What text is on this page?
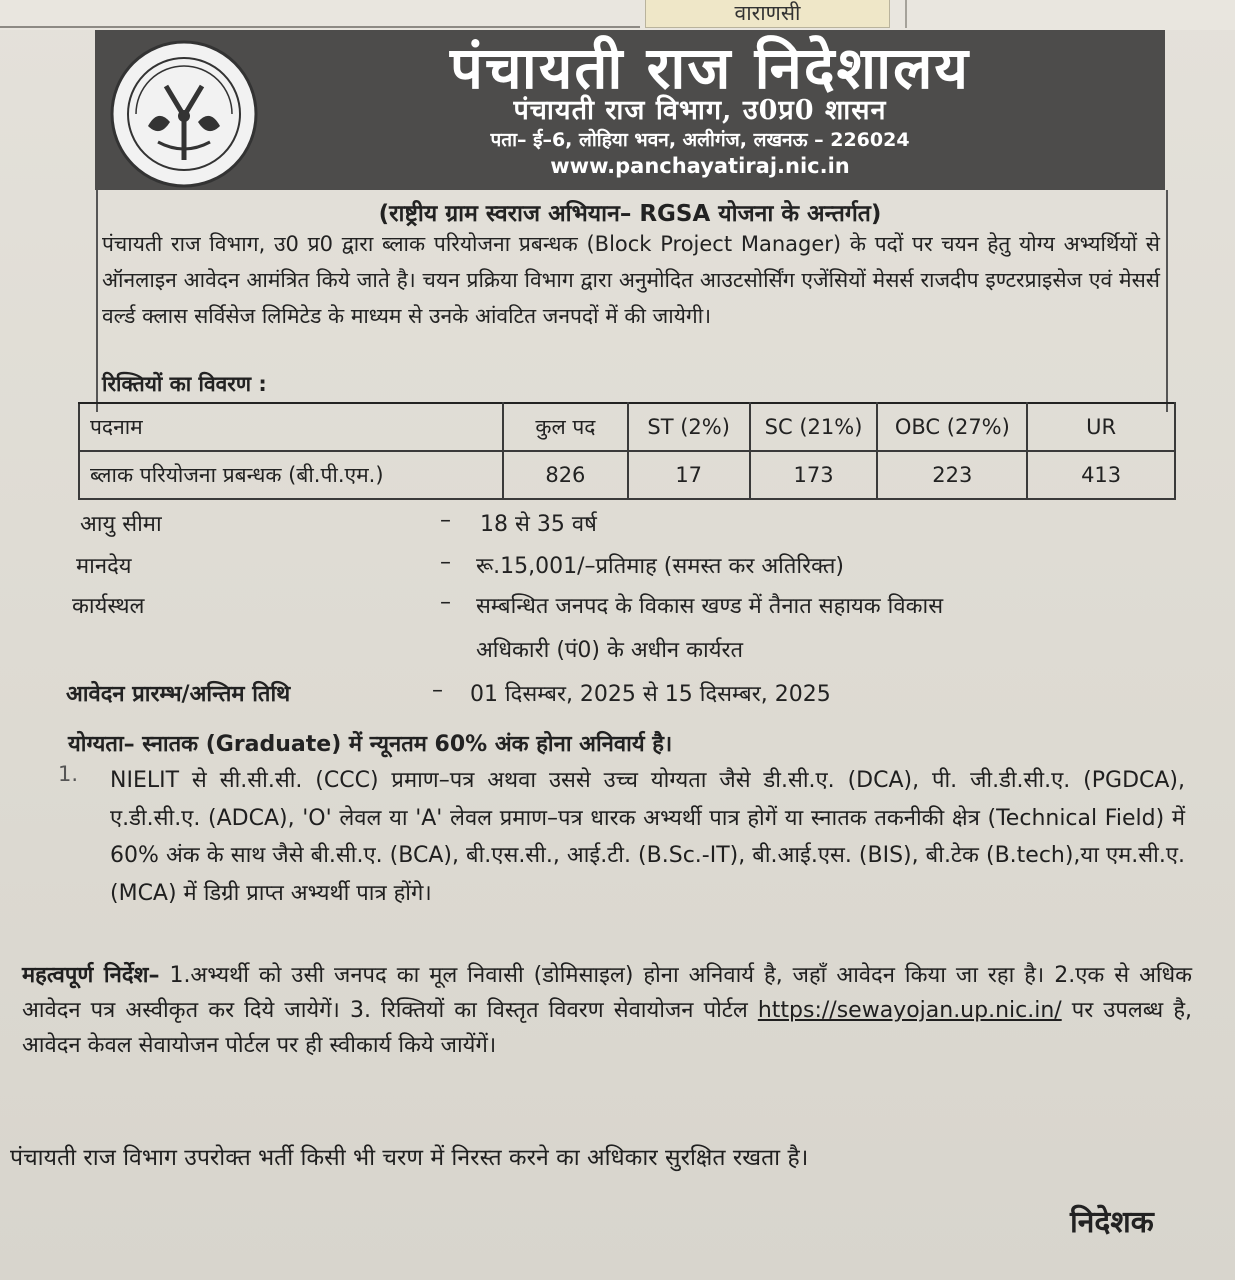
वाराणसी
पंचायती राज निदेशालय
पंचायती राज विभाग, उ0प्र0 शासन
पता– ई–6, लोहिया भवन, अलीगंज, लखनऊ – 226024
www.panchayatiraj.nic.in
(राष्ट्रीय ग्राम स्वराज अभियान– RGSA योजना के अन्तर्गत)
पंचायती राज विभाग, उ0 प्र0 द्वारा ब्लाक परियोजना प्रबन्धक (Block Project Manager) के पदों पर चयन हेतु योग्य अभ्यर्थियों से ऑनलाइन आवेदन आमंत्रित किये जाते है। चयन प्रक्रिया विभाग द्वारा अनुमोदित आउटसोर्सिंग एजेंसियों मेसर्स राजदीप इण्टरप्राइसेज एवं मेसर्स वर्ल्ड क्लास सर्विसेज लिमिटेड के माध्यम से उनके आंवटित जनपदों में की जायेगी।
रिक्तियों का विवरण :
पदनाम	कुल पद	ST (2%)	SC (21%)	OBC (27%)	UR
ब्लाक परियोजना प्रबन्धक (बी.पी.एम.)	826	17	173	223	413
आयु सीमा	– 18 से 35 वर्ष
मानदेय	– रू.15,001/–प्रतिमाह (समस्त कर अतिरिक्त)
कार्यस्थल	– सम्बन्धित जनपद के विकास खण्ड में तैनात सहायक विकास
अधिकारी (पं0) के अधीन कार्यरत
आवेदन प्रारम्भ/अन्तिम तिथि	– 01 दिसम्बर, 2025 से 15 दिसम्बर, 2025
योग्यता– स्नातक (Graduate) में न्यूनतम 60% अंक होना अनिवार्य है।
1. NIELIT से सी.सी.सी. (CCC) प्रमाण–पत्र अथवा उससे उच्च योग्यता जैसे डी.सी.ए. (DCA), पी. जी.डी.सी.ए. (PGDCA), ए.डी.सी.ए. (ADCA), 'O' लेवल या 'A' लेवल प्रमाण–पत्र धारक अभ्यर्थी पात्र होगें या स्नातक तकनीकी क्षेत्र (Technical Field) में 60% अंक के साथ जैसे बी.सी.ए. (BCA), बी.एस.सी., आई.टी. (B.Sc.-IT), बी.आई.एस. (BIS), बी.टेक (B.tech),या एम.सी.ए. (MCA) में डिग्री प्राप्त अभ्यर्थी पात्र होंगे।
महत्वपूर्ण निर्देश– 1.अभ्यर्थी को उसी जनपद का मूल निवासी (डोमिसाइल) होना अनिवार्य है, जहाँ आवेदन किया जा रहा है। 2.एक से अधिक आवेदन पत्र अस्वीकृत कर दिये जायेगें। 3. रिक्तियों का विस्तृत विवरण सेवायोजन पोर्टल https://sewayojan.up.nic.in/ पर उपलब्ध है, आवेदन केवल सेवायोजन पोर्टल पर ही स्वीकार्य किये जायेंगें।
पंचायती राज विभाग उपरोक्त भर्ती किसी भी चरण में निरस्त करने का अधिकार सुरक्षित रखता है।
निदेशक
